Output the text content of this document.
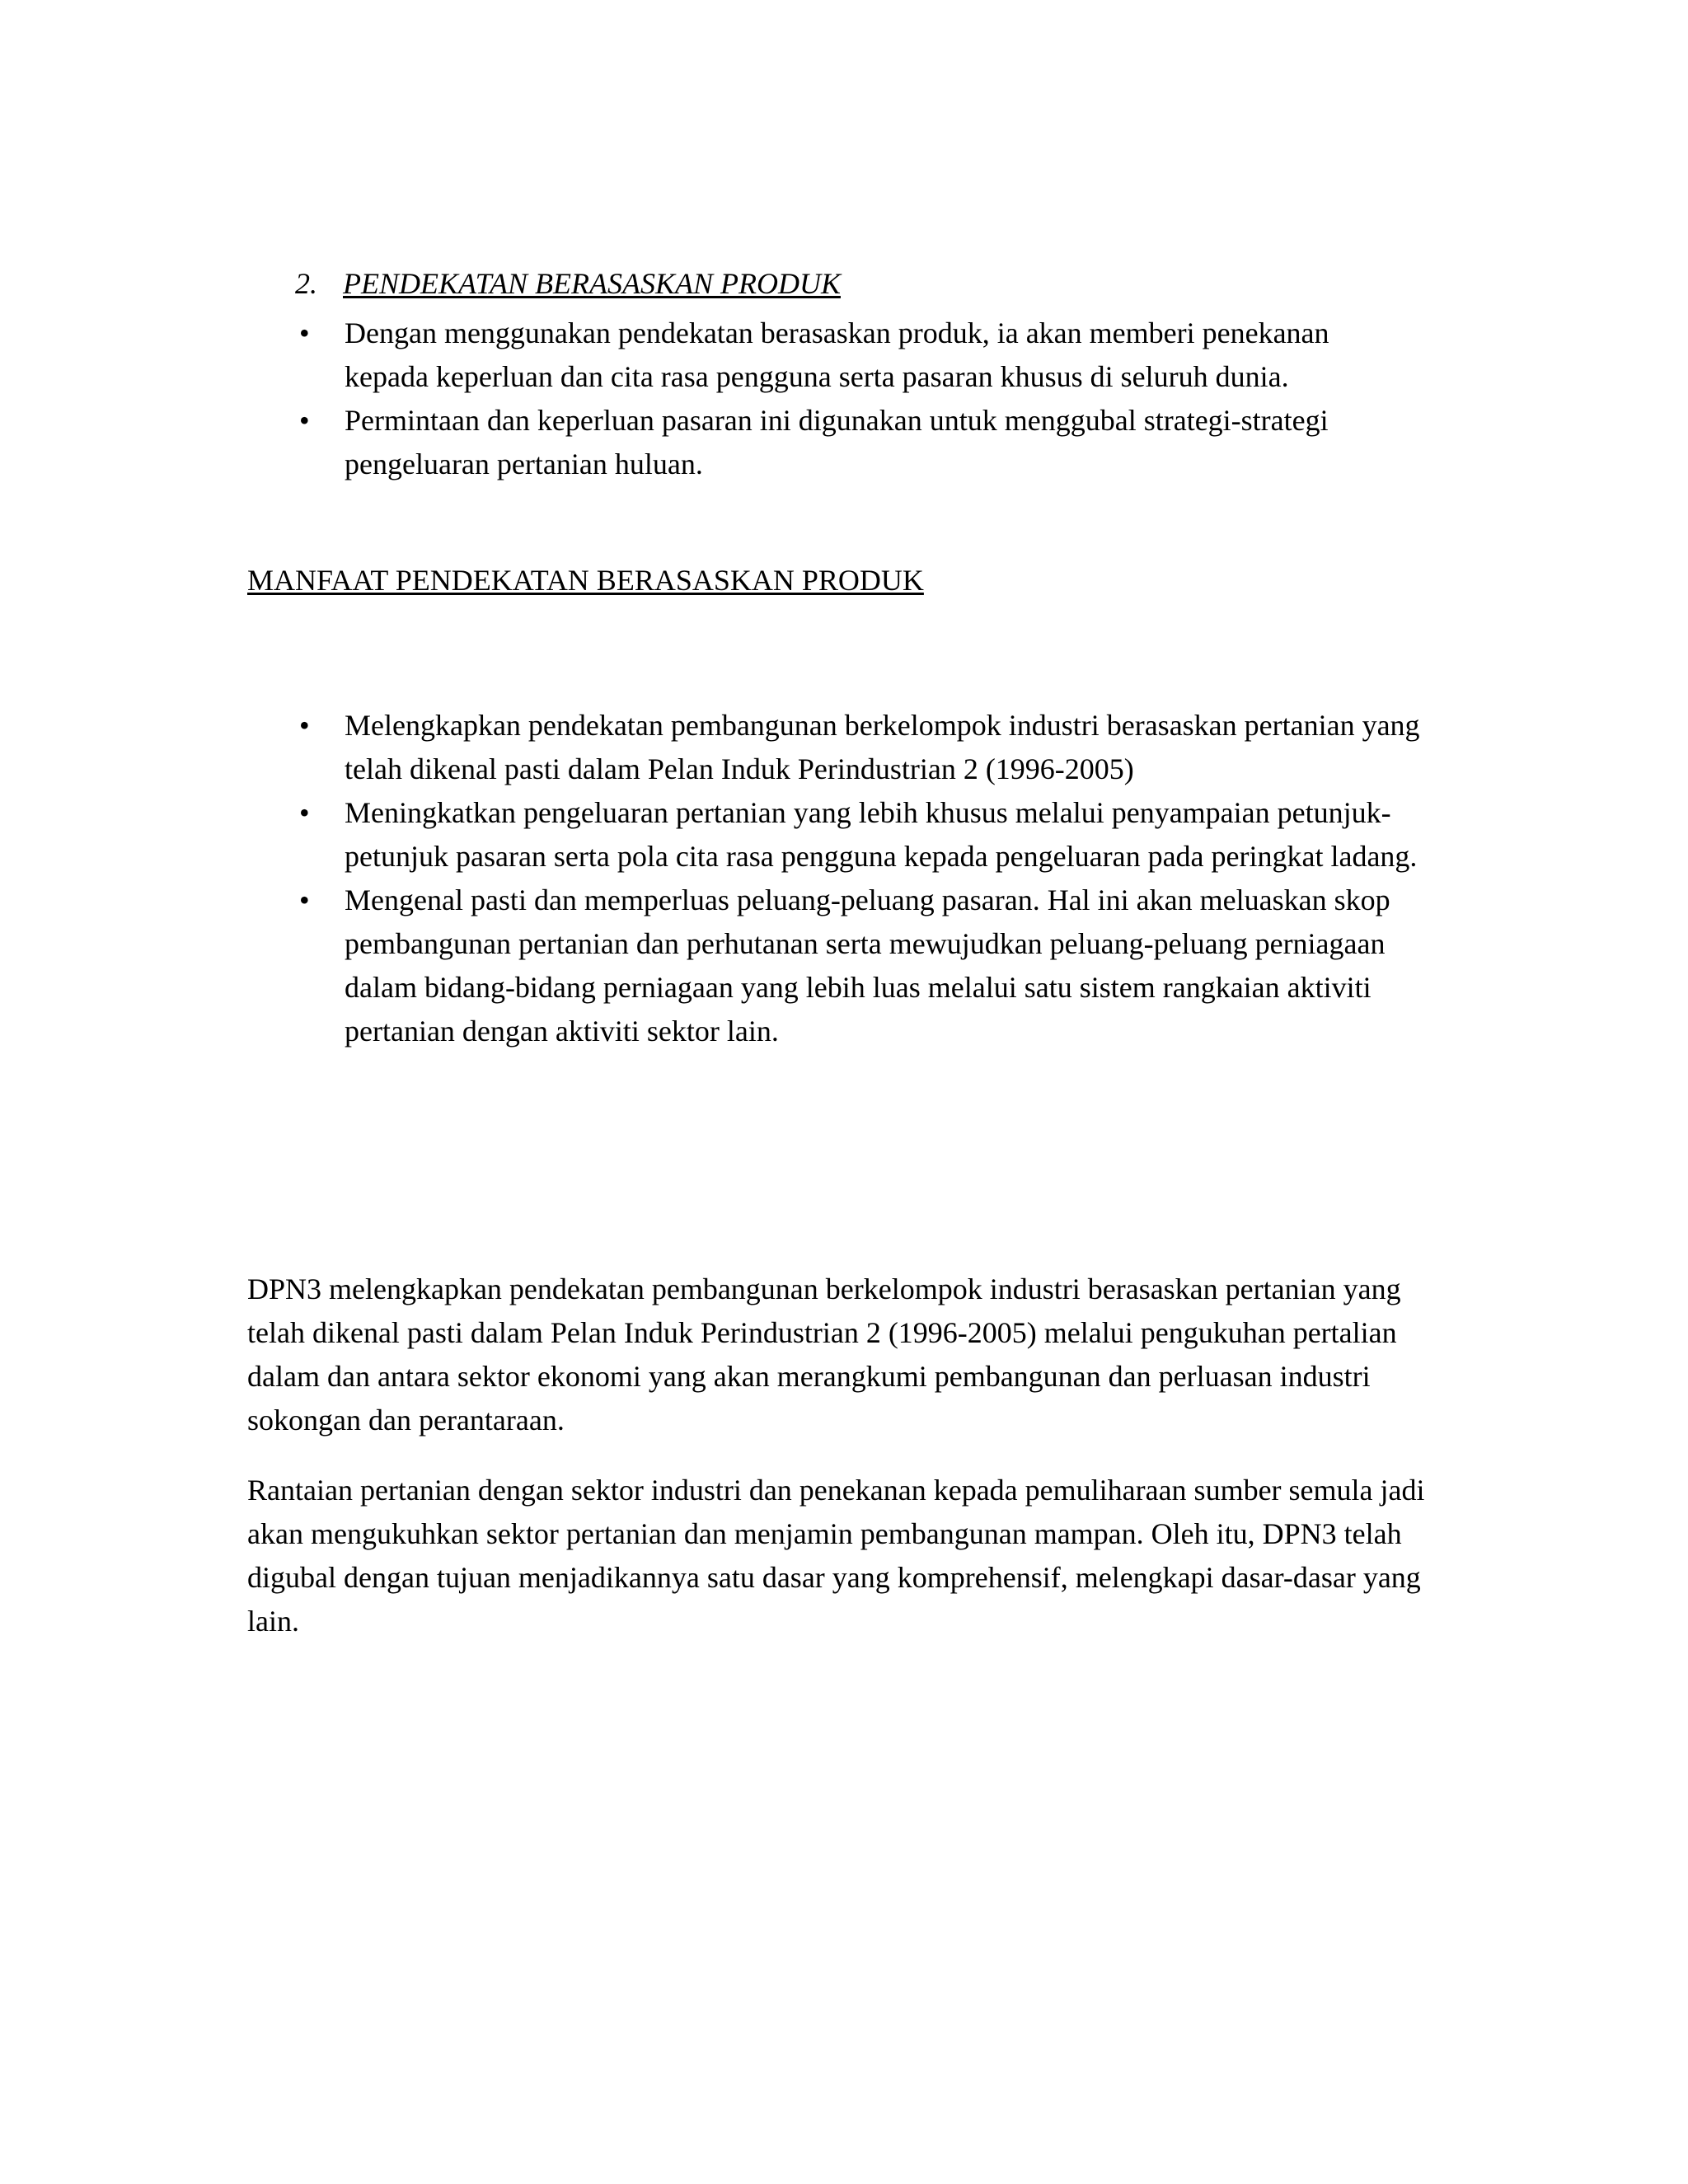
2. PENDEKATAN BERASASKAN PRODUK
• Dengan menggunakan pendekatan berasaskan produk, ia akan memberi penekanan kepada keperluan dan cita rasa pengguna serta pasaran khusus di seluruh dunia.
• Permintaan dan keperluan pasaran ini digunakan untuk menggubal strategi-strategi pengeluaran pertanian huluan.
MANFAAT PENDEKATAN BERASASKAN PRODUK
• Melengkapkan pendekatan pembangunan berkelompok industri berasaskan pertanian yang telah dikenal pasti dalam Pelan Induk Perindustrian 2 (1996-2005)
• Meningkatkan pengeluaran pertanian yang lebih khusus melalui penyampaian petunjuk-petunjuk pasaran serta pola cita rasa pengguna kepada pengeluaran pada peringkat ladang.
• Mengenal pasti dan memperluas peluang-peluang pasaran. Hal ini akan meluaskan skop pembangunan pertanian dan perhutanan serta mewujudkan peluang-peluang perniagaan dalam bidang-bidang perniagaan yang lebih luas melalui satu sistem rangkaian aktiviti pertanian dengan aktiviti sektor lain.

DPN3 melengkapkan pendekatan pembangunan berkelompok industri berasaskan pertanian yang telah dikenal pasti dalam Pelan Induk Perindustrian 2 (1996-2005) melalui pengukuhan pertalian dalam dan antara sektor ekonomi yang akan merangkumi pembangunan dan perluasan industri sokongan dan perantaraan.

Rantaian pertanian dengan sektor industri dan penekanan kepada pemuliharaan sumber semula jadi akan mengukuhkan sektor pertanian dan menjamin pembangunan mampan. Oleh itu, DPN3 telah digubal dengan tujuan menjadikannya satu dasar yang komprehensif, melengkapi dasar-dasar yang lain.
